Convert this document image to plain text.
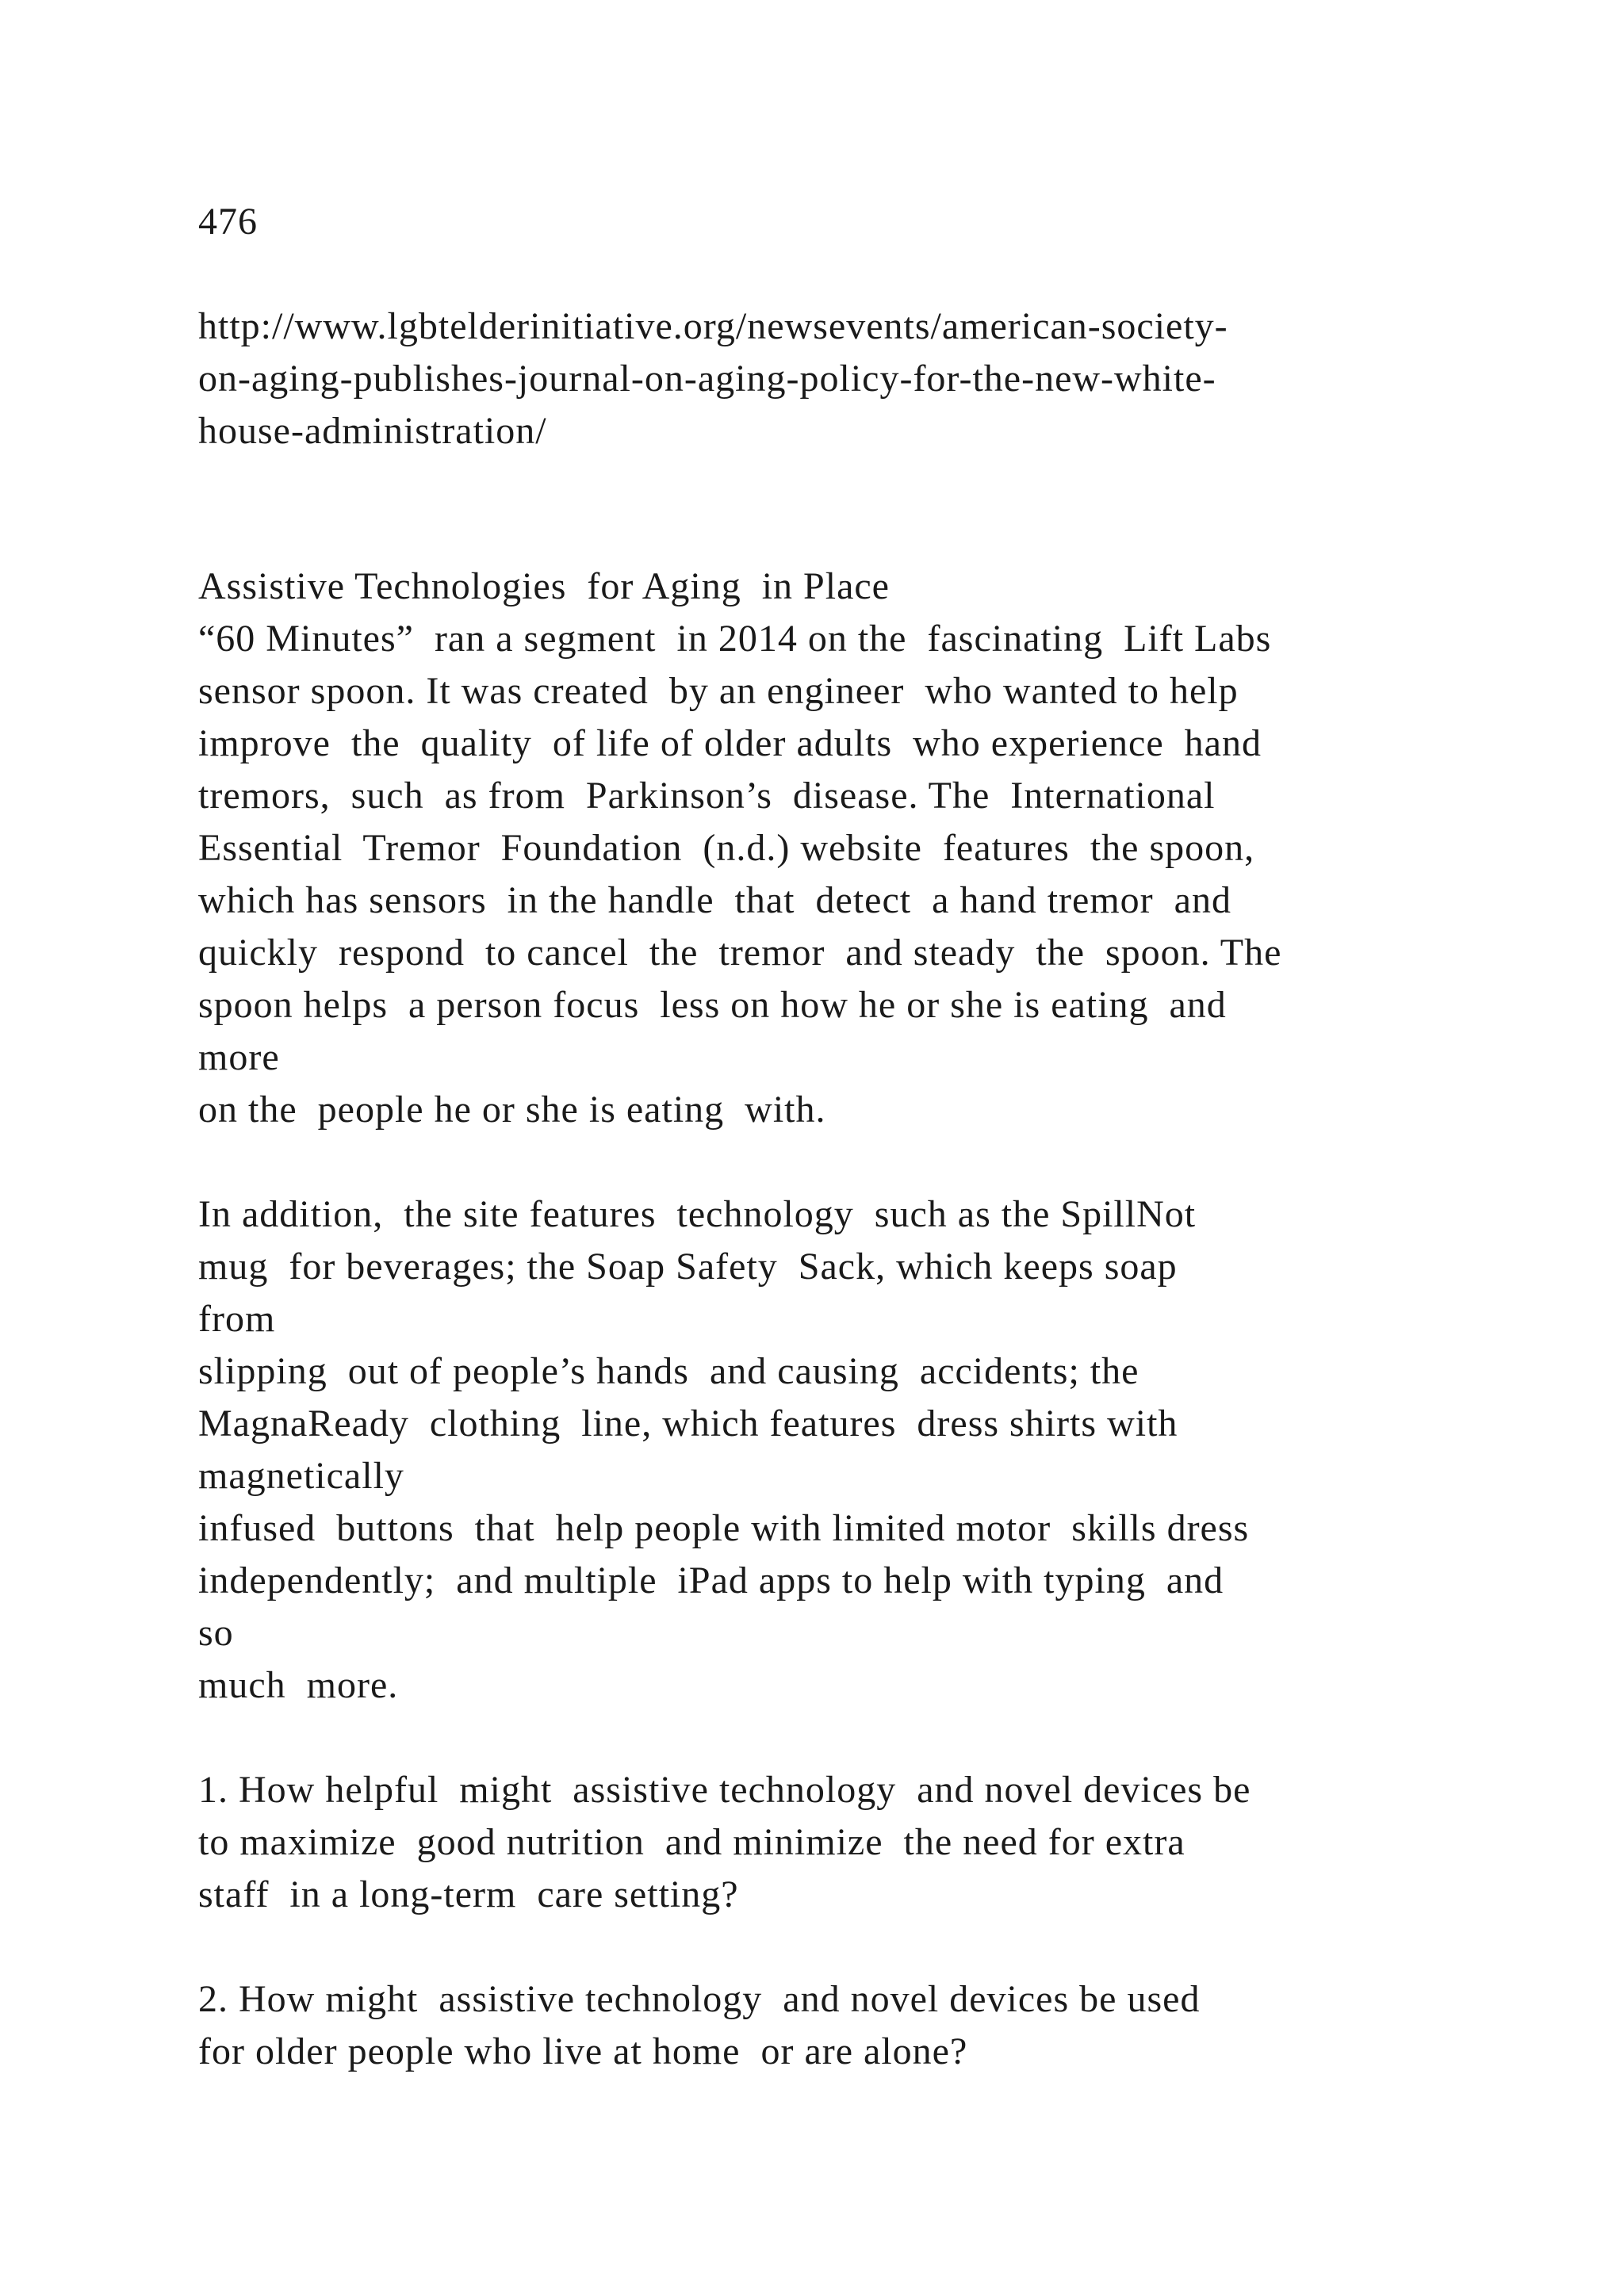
476
http://www.lgbtelderinitiative.org/newsevents/american-society-
on-aging-publishes-journal-on-aging-policy-for-the-new-white-
house-administration/
Assistive Technologies  for Aging  in Place
“60 Minutes”  ran a segment  in 2014 on the  fascinating  Lift Labs
sensor spoon. It was created  by an engineer  who wanted to help
improve  the  quality  of life of older adults  who experience  hand
tremors,  such  as from  Parkinson’s  disease. The  International
Essential  Tremor  Foundation  (n.d.) website  features  the spoon,
which has sensors  in the handle  that  detect  a hand tremor  and
quickly  respond  to cancel  the  tremor  and steady  the  spoon. The
spoon helps  a person focus  less on how he or she is eating  and
more
on the  people he or she is eating  with.
In addition,  the site features  technology  such as the SpillNot
mug  for beverages; the Soap Safety  Sack, which keeps soap
from
slipping  out of people’s hands  and causing  accidents; the
MagnaReady  clothing  line, which features  dress shirts with
magnetically
infused  buttons  that  help people with limited motor  skills dress
independently;  and multiple  iPad apps to help with typing  and
so
much  more.
1. How helpful  might  assistive technology  and novel devices be
to maximize  good nutrition  and minimize  the need for extra
staff  in a long-term  care setting?
2. How might  assistive technology  and novel devices be used
for older people who live at home  or are alone?
